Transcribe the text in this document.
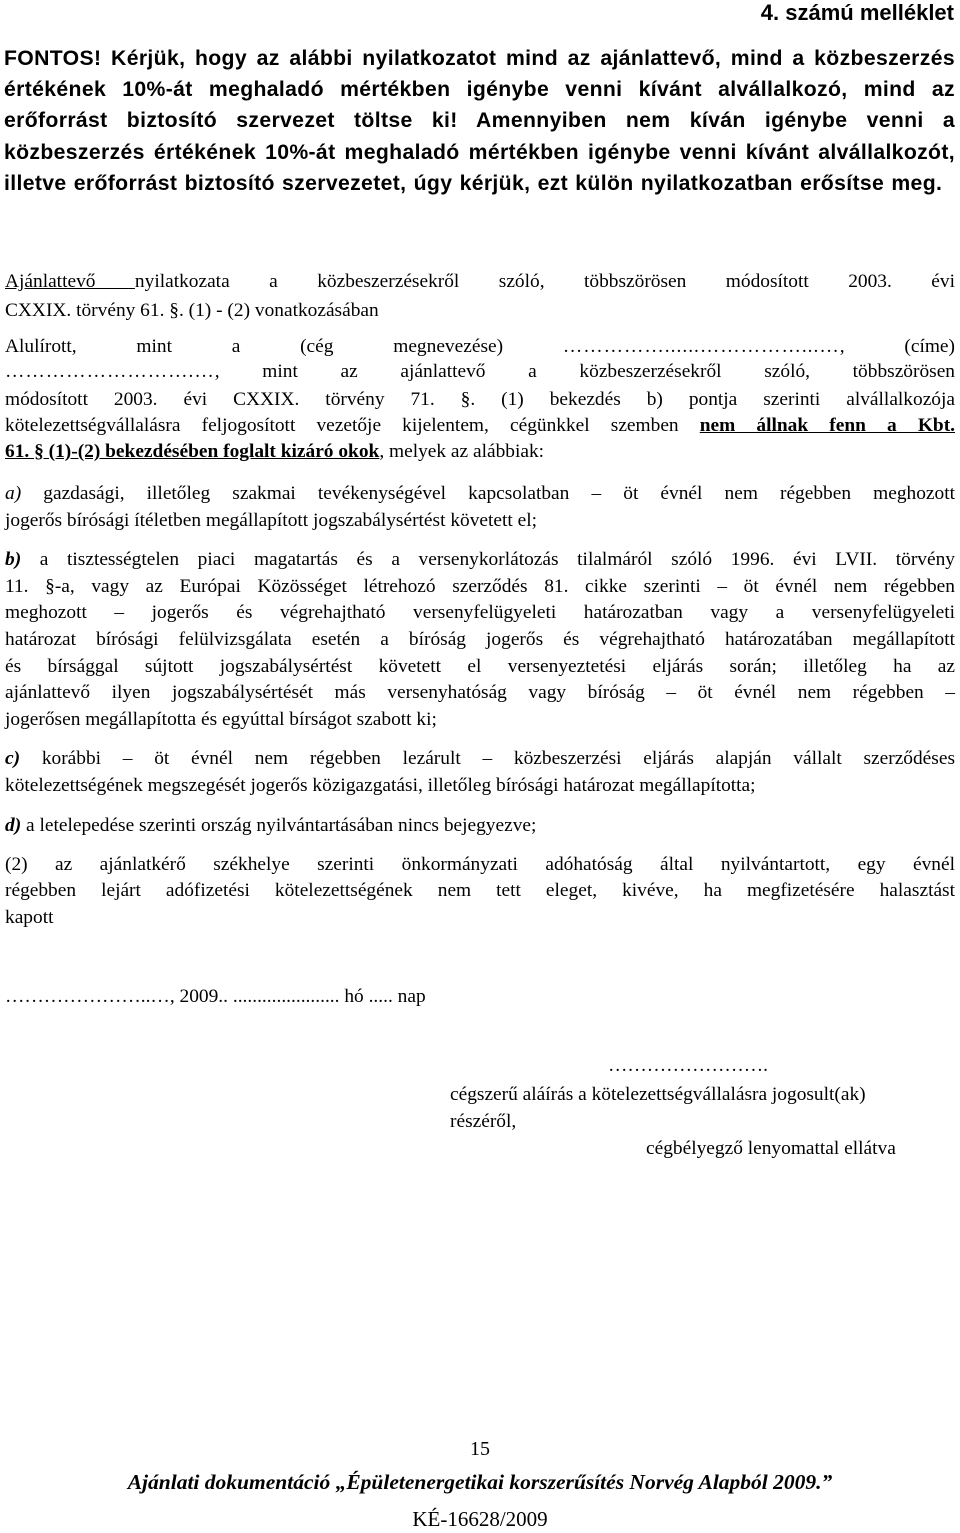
4. számú melléklet
FONTOS! Kérjük, hogy az alábbi nyilatkozatot mind az ajánlattevő, mind a közbeszerzés értékének 10%-át meghaladó mértékben igénybe venni kívánt alvállalkozó, mind az erőforrást biztosító szervezet töltse ki! Amennyiben nem kíván igénybe venni a közbeszerzés értékének 10%-át meghaladó mértékben igénybe venni kívánt alvállalkozót, illetve erőforrást biztosító szervezetet, úgy kérjük, ezt külön nyilatkozatban erősítse meg.
Ajánlattevő nyilatkozata a közbeszerzésekről szóló, többszörösen módosított 2003. évi
CXXIX. törvény 61. §. (1) - (2) vonatkozásában
Alulírott, mint a (cég megnevezése)	……………......……………...…, (címe)
……………………….…, mint az ajánlattevő a közbeszerzésekről szóló, többszörösen
módosított 2003. évi CXXIX. törvény 71. §. (1) bekezdés b) pontja szerinti alvállalkozója
kötelezettségvállalásra feljogosított vezetője kijelentem, cégünkkel szemben nem állnak fenn a Kbt.
61. § (1)-(2) bekezdésében foglalt kizáró okok, melyek az alábbiak:
a) gazdasági, illetőleg szakmai tevékenységével kapcsolatban – öt évnél nem régebben meghozott
jogerős bírósági ítéletben megállapított jogszabálysértést követett el;
b) a tisztességtelen piaci magatartás és a versenykorlátozás tilalmáról szóló 1996. évi LVII. törvény
11. §-a, vagy az Európai Közösséget létrehozó szerződés 81. cikke szerinti – öt évnél nem régebben
meghozott – jogerős és végrehajtható versenyfelügyeleti határozatban vagy a versenyfelügyeleti
határozat bírósági felülvizsgálata esetén a bíróság jogerős és végrehajtható határozatában megállapított
és bírsággal sújtott jogszabálysértést követett el versenyeztetési eljárás során; illetőleg ha az
ajánlattevő ilyen jogszabálysértését más versenyhatóság vagy bíróság – öt évnél nem régebben –
jogerősen megállapította és egyúttal bírságot szabott ki;
c) korábbi – öt évnél nem régebben lezárult – közbeszerzési eljárás alapján vállalt szerződéses
kötelezettségének megszegését jogerős közigazgatási, illetőleg bírósági határozat megállapította;
d) a letelepedése szerinti ország nyilvántartásában nincs bejegyezve;
(2) az ajánlatkérő székhelye szerinti önkormányzati adóhatóság által nyilvántartott, egy évnél
régebben lejárt adófizetési kötelezettségének nem tett eleget, kivéve, ha megfizetésére halasztást
kapott
…………………..…, 2009.. ...................... hó ..... nap
…………………….
cégszerű aláírás a kötelezettségvállalásra jogosult(ak)
részéről,
cégbélyegző lenyomattal ellátva
15
Ajánlati dokumentáció „Épületenergetikai korszerűsítés Norvég Alapból 2009.”
KÉ-16628/2009
